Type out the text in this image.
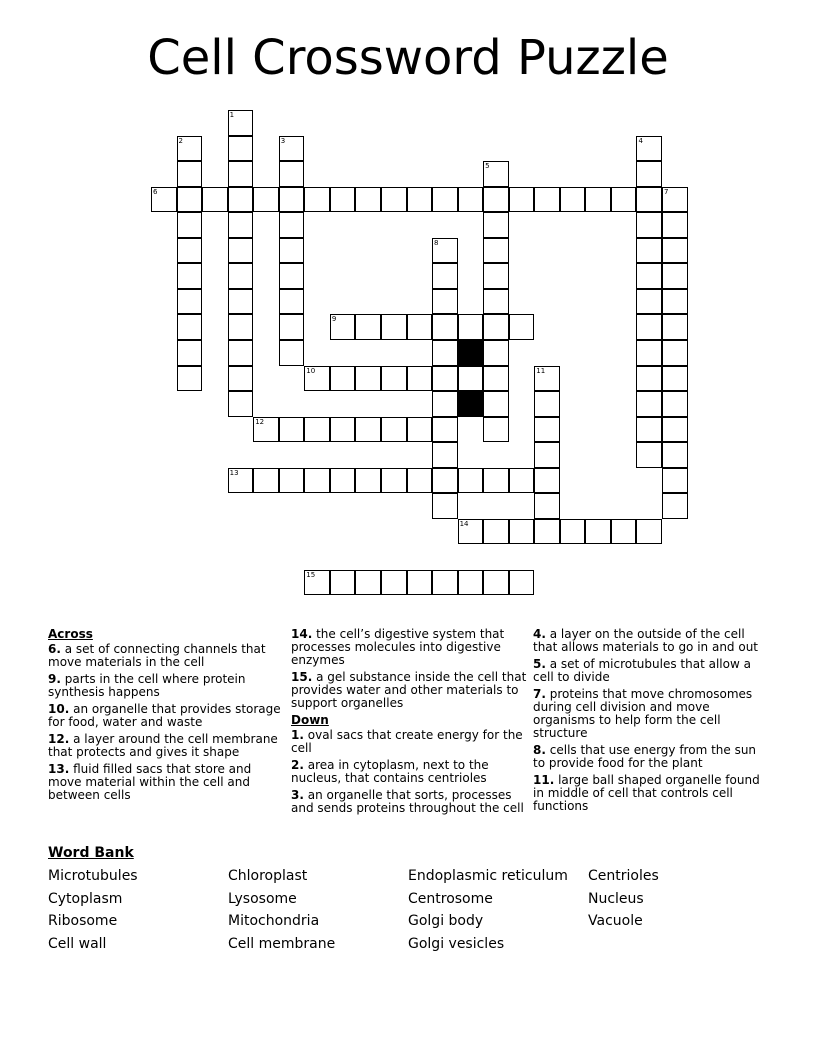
Cell Crossword Puzzle
1
2	3	4
5
6	7
8
9
10	11
12
13
14
15
Across
6. a set of connecting channels that move materials in the cell
9. parts in the cell where protein synthesis happens
10. an organelle that provides storage for food, water and waste
12. a layer around the cell membrane that protects and gives it shape
13. fluid filled sacs that store and move material within the cell and between cells
14. the cell’s digestive system that processes molecules into digestive enzymes
15. a gel substance inside the cell that provides water and other materials to support organelles
Down
1. oval sacs that create energy for the cell
2. area in cytoplasm, next to the nucleus, that contains centrioles
3. an organelle that sorts, processes and sends proteins throughout the cell
4. a layer on the outside of the cell that allows materials to go in and out
5. a set of microtubules that allow a cell to divide
7. proteins that move chromosomes during cell division and move organisms to help form the cell structure
8. cells that use energy from the sun to provide food for the plant
11. large ball shaped organelle found in middle of cell that controls cell functions
Word Bank
Microtubules
Cytoplasm
Ribosome
Cell wall
Chloroplast
Lysosome
Mitochondria
Cell membrane
Endoplasmic reticulum
Centrosome
Golgi body
Golgi vesicles
Centrioles
Nucleus
Vacuole
